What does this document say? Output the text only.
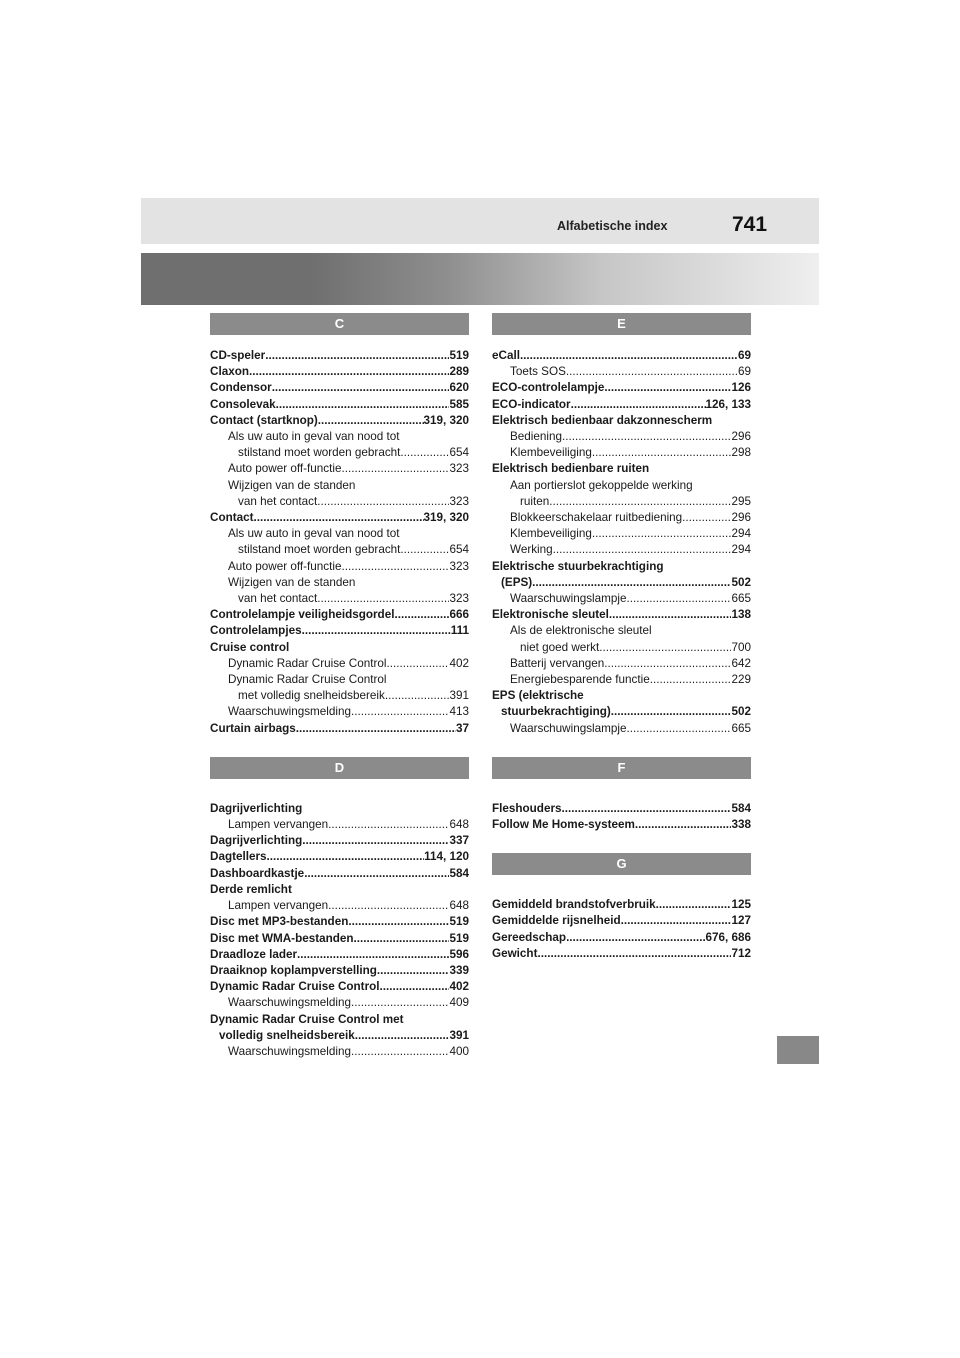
Alfabetische index	741
C
CD-speler .....	519
Claxon .....	289
Condensor .....	620
Consolevak .....	585
Contact (startknop) .....	319, 320
Als uw auto in geval van nood tot
stilstand moet worden gebracht .....	654
Auto power off-functie .....	323
Wijzigen van de standen
van het contact .....	323
Contact .....	319, 320
Als uw auto in geval van nood tot
stilstand moet worden gebracht .....	654
Auto power off-functie .....	323
Wijzigen van de standen
van het contact .....	323
Controlelampje veiligheidsgordel .....	666
Controlelampjes .....	111
Cruise control
Dynamic Radar Cruise Control .....	402
Dynamic Radar Cruise Control
met volledig snelheidsbereik .....	391
Waarschuwingsmelding .....	413
Curtain airbags .....	37
D
Dagrijverlichting
Lampen vervangen .....	648
Dagrijverlichting .....	337
Dagtellers .....	114, 120
Dashboardkastje .....	584
Derde remlicht
Lampen vervangen .....	648
Disc met MP3-bestanden .....	519
Disc met WMA-bestanden .....	519
Draadloze lader .....	596
Draaiknop koplampverstelling .....	339
Dynamic Radar Cruise Control .....	402
Waarschuwingsmelding .....	409
Dynamic Radar Cruise Control met
volledig snelheidsbereik .....	391
Waarschuwingsmelding .....	400
E
eCall .....	69
Toets SOS .....	69
ECO-controlelampje .....	126
ECO-indicator .....	126, 133
Elektrisch bedienbaar dakzonnescherm
Bediening .....	296
Klembeveiliging .....	298
Elektrisch bedienbare ruiten
Aan portierslot gekoppelde werking
ruiten .....	295
Blokkeerschakelaar ruitbediening .....	296
Klembeveiliging .....	294
Werking .....	294
Elektrische stuurbekrachtiging
(EPS) .....	502
Waarschuwingslampje .....	665
Elektronische sleutel .....	138
Als de elektronische sleutel
niet goed werkt .....	700
Batterij vervangen .....	642
Energiebesparende functie .....	229
EPS (elektrische
stuurbekrachtiging) .....	502
Waarschuwingslampje .....	665
F
Fleshouders .....	584
Follow Me Home-systeem .....	338
G
Gemiddeld brandstofverbruik .....	125
Gemiddelde rijsnelheid .....	127
Gereedschap .....	676, 686
Gewicht .....	712
